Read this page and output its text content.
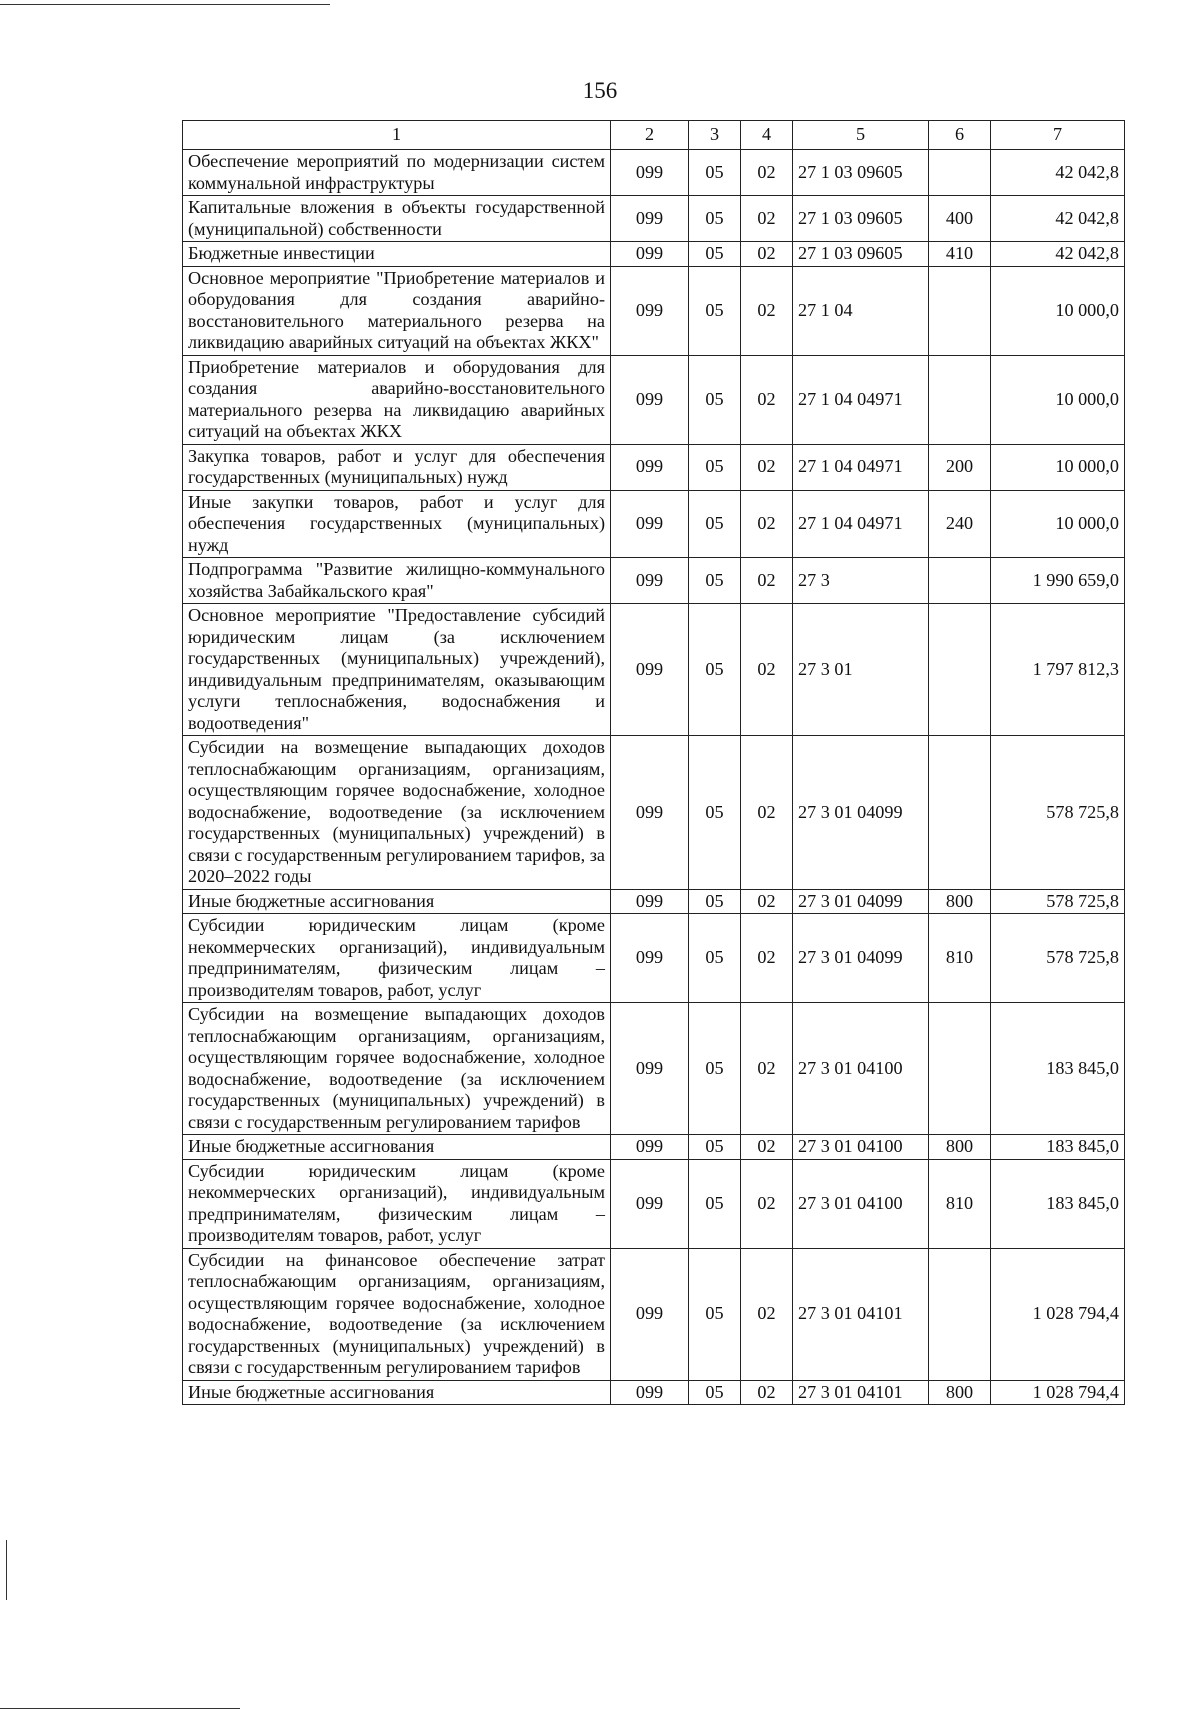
156
1	2	3	4	5	6	7
Обеспечение мероприятий по модернизации систем коммунальной инфраструктуры	099	05	02	27 1 03 09605		42 042,8
Капитальные вложения в объекты государственной (муниципальной) собственности	099	05	02	27 1 03 09605	400	42 042,8
Бюджетные инвестиции	099	05	02	27 1 03 09605	410	42 042,8
Основное мероприятие "Приобретение материалов и оборудования для создания аварийно-восстановительного материального резерва на ликвидацию аварийных ситуаций на объектах ЖКХ"	099	05	02	27 1 04		10 000,0
Приобретение материалов и оборудования для создания аварийно-восстановительного материального резерва на ликвидацию аварийных ситуаций на объектах ЖКХ	099	05	02	27 1 04 04971		10 000,0
Закупка товаров, работ и услуг для обеспечения государственных (муниципальных) нужд	099	05	02	27 1 04 04971	200	10 000,0
Иные закупки товаров, работ и услуг для обеспечения государственных (муниципальных) нужд	099	05	02	27 1 04 04971	240	10 000,0
Подпрограмма "Развитие жилищно-коммунального хозяйства Забайкальского края"	099	05	02	27 3		1 990 659,0
Основное мероприятие "Предоставление субсидий юридическим лицам (за исключением государственных (муниципальных) учреждений), индивидуальным предпринимателям, оказывающим услуги теплоснабжения, водоснабжения и водоотведения"	099	05	02	27 3 01		1 797 812,3
Субсидии на возмещение выпадающих доходов теплоснабжающим организациям, организациям, осуществляющим горячее водоснабжение, холодное водоснабжение, водоотведение (за исключением государственных (муниципальных) учреждений) в связи с государственным регулированием тарифов, за 2020–2022 годы	099	05	02	27 3 01 04099		578 725,8
Иные бюджетные ассигнования	099	05	02	27 3 01 04099	800	578 725,8
Субсидии юридическим лицам (кроме некоммерческих организаций), индивидуальным предпринимателям, физическим лицам – производителям товаров, работ, услуг	099	05	02	27 3 01 04099	810	578 725,8
Субсидии на возмещение выпадающих доходов теплоснабжающим организациям, организациям, осуществляющим горячее водоснабжение, холодное водоснабжение, водоотведение (за исключением государственных (муниципальных) учреждений) в связи с государственным регулированием тарифов	099	05	02	27 3 01 04100		183 845,0
Иные бюджетные ассигнования	099	05	02	27 3 01 04100	800	183 845,0
Субсидии юридическим лицам (кроме некоммерческих организаций), индивидуальным предпринимателям, физическим лицам – производителям товаров, работ, услуг	099	05	02	27 3 01 04100	810	183 845,0
Субсидии на финансовое обеспечение затрат теплоснабжающим организациям, организациям, осуществляющим горячее водоснабжение, холодное водоснабжение, водоотведение (за исключением государственных (муниципальных) учреждений) в связи с государственным регулированием тарифов	099	05	02	27 3 01 04101		1 028 794,4
Иные бюджетные ассигнования	099	05	02	27 3 01 04101	800	1 028 794,4
